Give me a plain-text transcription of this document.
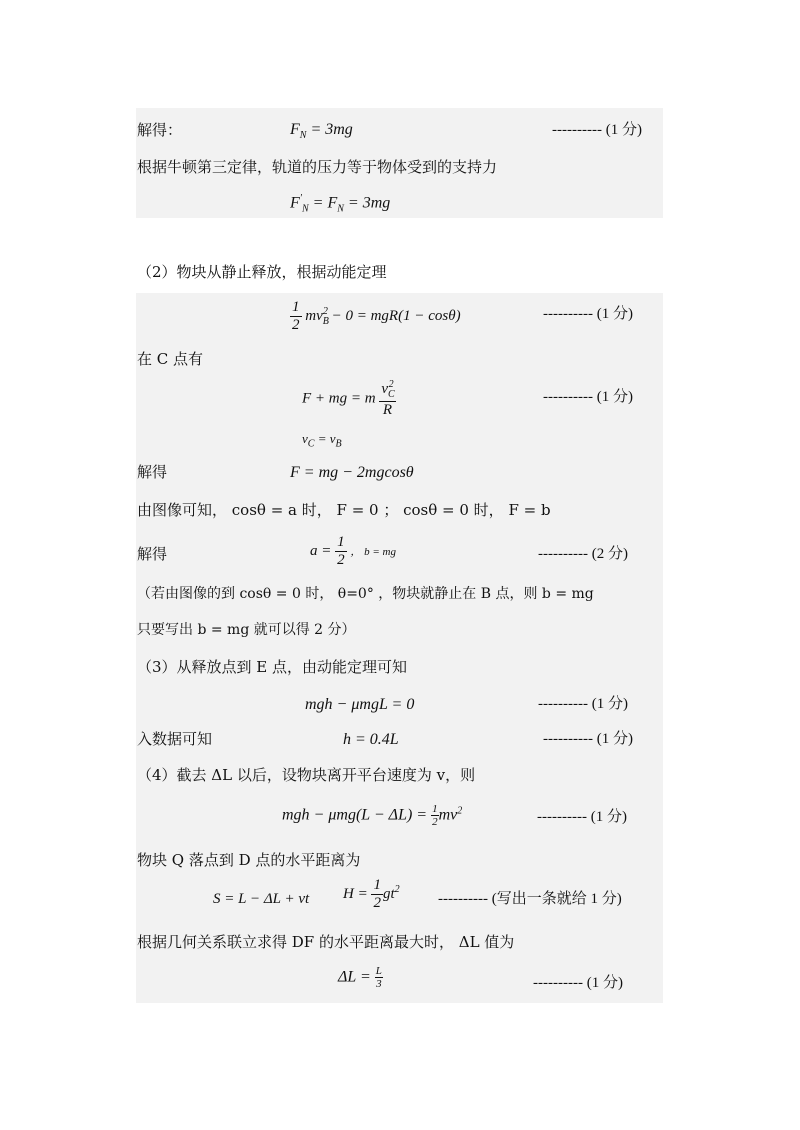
解得：	$F_N = 3mg$	---------- (1 分)
根据牛顿第三定律，轨道的压力等于物体受到的支持力
$F'_N = F_N = 3mg$
（2）物块从静止释放，根据动能定理
$\frac{1}{2} mv_B^2 - 0 = mgR(1 - \cos\theta)$	---------- (1 分)
在 C 点有
F + mg = m $\frac{v_C^2}{R}$	---------- (1 分)
$v_C = v_B$
解得	F = mg − 2mgcosθ
由图像可知， cosθ = a 时， F = 0 ； cosθ = 0 时， F = b
解得	$a = \frac{1}{2}$ ， b = mg	---------- (2 分)
（若由图像的到 cosθ = 0 时， θ=0° ，物块就静止在 B 点，则 b = mg
只要写出 b = mg 就可以得 2 分）
（3）从释放点到 E 点，由动能定理可知
mgh − μmgL = 0	---------- (1 分)
入数据可知	h = 0.4L	---------- (1 分)
（4）截去 ΔL 以后，设物块离开平台速度为 v，则
mgh − $\mu mg(L - \Delta L) = \frac{1}{2} mv^2$	---------- (1 分)
物块 Q 落点到 D 点的水平距离为
S = L − ΔL + vt $H = \frac{1}{2} gt^2$
---------- (写出一条就给 1 分)
根据几何关系联立求得 DF 的水平距离最大时， ΔL 值为
$\Delta L = \frac{L}{3}$	---------- (1 分)
